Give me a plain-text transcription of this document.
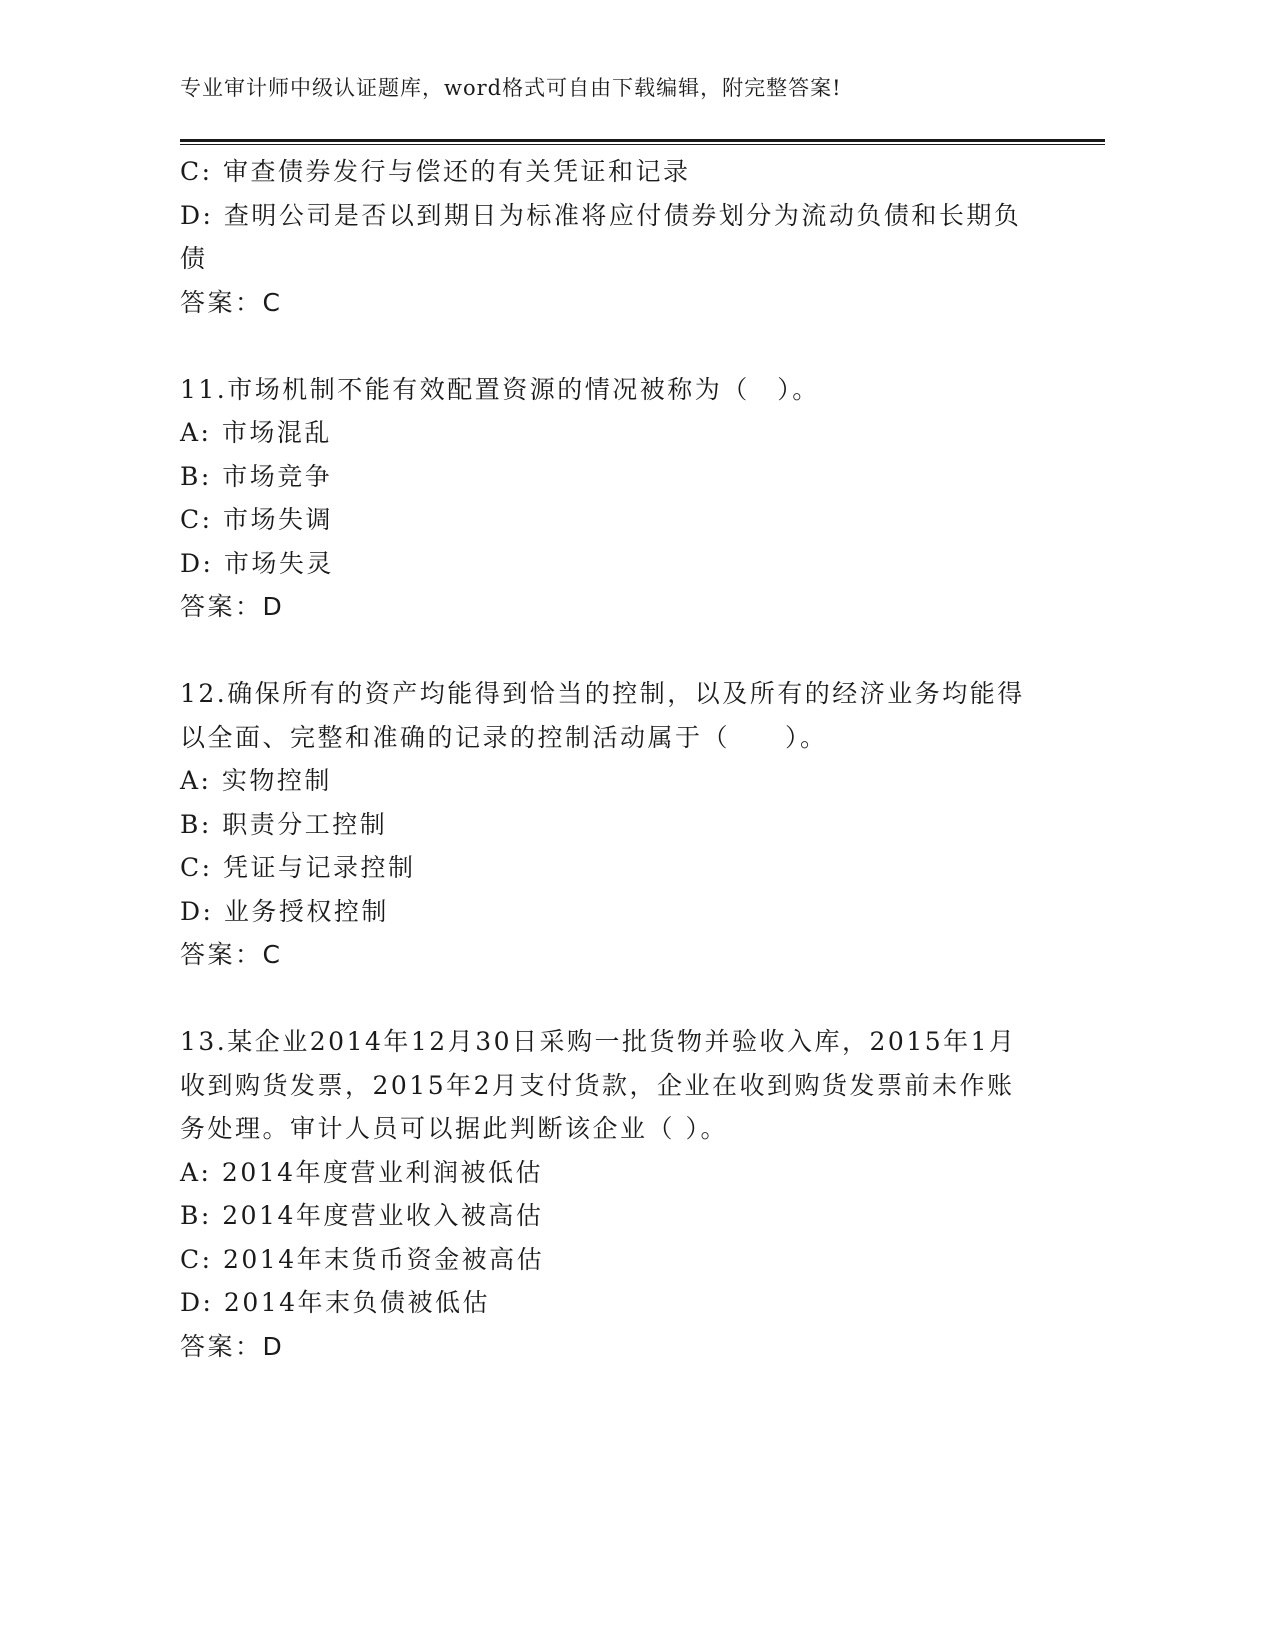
专业审计师中级认证题库，word格式可自由下载编辑，附完整答案!
C: 审查债券发行与偿还的有关凭证和记录
D: 查明公司是否以到期日为标准将应付债券划分为流动负债和长期负
债
答案：C
11.市场机制不能有效配置资源的情况被称为（　）。
A: 市场混乱
B: 市场竞争
C: 市场失调
D: 市场失灵
答案：D
12.确保所有的资产均能得到恰当的控制，以及所有的经济业务均能得
以全面、完整和准确的记录的控制活动属于（　　）。
A: 实物控制
B: 职责分工控制
C: 凭证与记录控制
D: 业务授权控制
答案：C
13.某企业2014年12月30日采购一批货物并验收入库，2015年1月
收到购货发票，2015年2月支付货款，企业在收到购货发票前未作账
务处理。审计人员可以据此判断该企业（ ）。
A: 2014年度营业利润被低估
B: 2014年度营业收入被高估
C: 2014年末货币资金被高估
D: 2014年末负债被低估
答案：D
